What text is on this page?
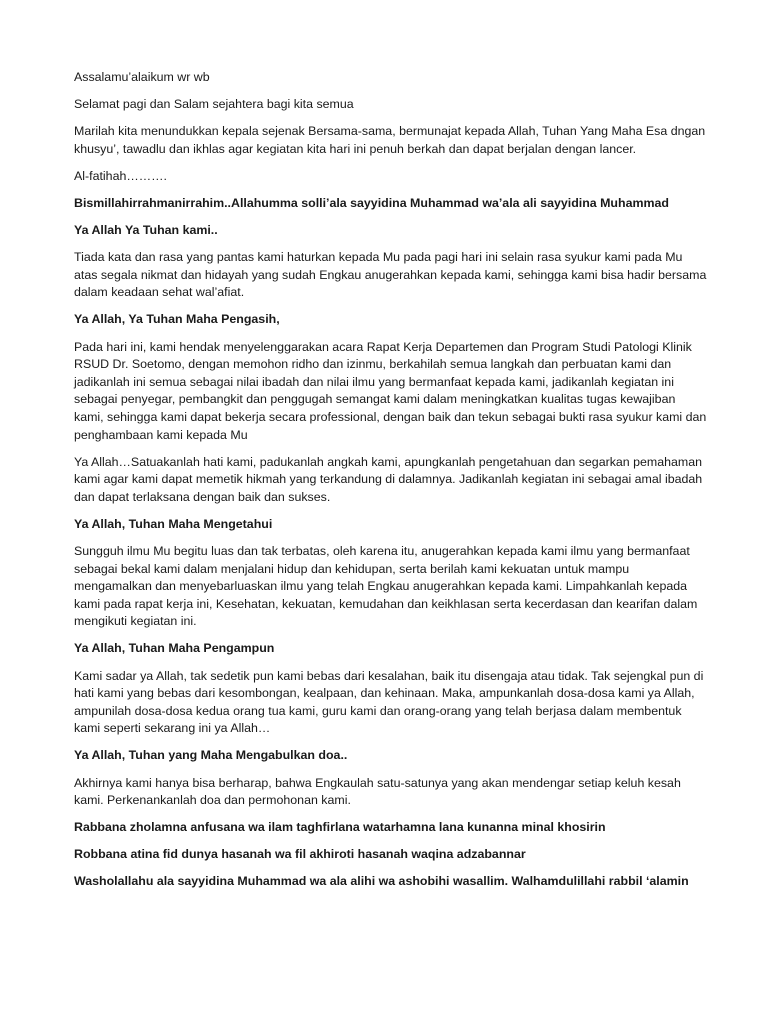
Assalamu’alaikum wr wb

Selamat pagi dan Salam sejahtera bagi kita semua

Marilah kita menundukkan kepala sejenak Bersama-sama, bermunajat kepada Allah, Tuhan Yang Maha Esa dngan khusyu’, tawadlu dan ikhlas agar kegiatan kita hari ini penuh berkah dan dapat berjalan dengan lancer.

Al-fatihah……….

Bismillahirrahmanirrahim..Allahumma solli’ala sayyidina Muhammad wa’ala ali sayyidina Muhammad

Ya Allah Ya Tuhan kami..

Tiada kata dan rasa yang pantas kami haturkan kepada Mu pada pagi hari ini selain rasa syukur kami pada Mu atas segala nikmat dan hidayah yang sudah Engkau anugerahkan kepada kami, sehingga kami bisa hadir bersama dalam keadaan sehat wal’afiat.

Ya Allah, Ya Tuhan Maha Pengasih,

Pada hari ini, kami hendak menyelenggarakan acara Rapat Kerja Departemen dan Program Studi Patologi Klinik RSUD Dr. Soetomo, dengan memohon ridho dan izinmu, berkahilah semua langkah dan perbuatan kami dan jadikanlah ini semua sebagai nilai ibadah dan nilai ilmu yang bermanfaat kepada kami, jadikanlah kegiatan ini sebagai penyegar, pembangkit dan penggugah semangat kami dalam meningkatkan kualitas tugas kewajiban kami, sehingga kami dapat bekerja secara professional, dengan baik dan tekun sebagai bukti rasa syukur kami dan penghambaan kami kepada Mu

Ya Allah…Satuakanlah hati kami, padukanlah angkah kami, apungkanlah pengetahuan dan segarkan pemahaman kami agar kami dapat memetik hikmah yang terkandung di dalamnya. Jadikanlah kegiatan ini sebagai amal ibadah dan dapat terlaksana dengan baik dan sukses.

Ya Allah, Tuhan Maha Mengetahui

Sungguh ilmu Mu begitu luas dan tak terbatas, oleh karena itu, anugerahkan kepada kami ilmu yang bermanfaat sebagai bekal kami dalam menjalani hidup dan kehidupan, serta berilah kami kekuatan untuk mampu mengamalkan dan menyebarluaskan ilmu yang telah Engkau anugerahkan kepada kami. Limpahkanlah kepada kami pada rapat kerja ini, Kesehatan, kekuatan, kemudahan dan keikhlasan serta kecerdasan dan kearifan dalam mengikuti kegiatan ini.

Ya Allah, Tuhan Maha Pengampun

Kami sadar ya Allah, tak sedetik pun kami bebas dari kesalahan, baik itu disengaja atau tidak. Tak sejengkal pun di hati kami yang bebas dari kesombongan, kealpaan, dan kehinaan. Maka, ampunkanlah dosa-dosa kami ya Allah, ampunilah dosa-dosa kedua orang tua kami, guru kami dan orang-orang yang telah berjasa dalam membentuk kami seperti sekarang ini ya Allah…

Ya Allah, Tuhan yang Maha Mengabulkan doa..

Akhirnya kami hanya bisa berharap, bahwa Engkaulah satu-satunya yang akan mendengar setiap keluh kesah kami. Perkenankanlah doa dan permohonan kami.

Rabbana zholamna anfusana wa ilam taghfirlana watarhamna lana kunanna minal khosirin

Robbana atina fid dunya hasanah wa fil akhiroti hasanah waqina adzabannar

Washolallahu ala sayyidina Muhammad wa ala alihi wa ashobihi wasallim. Walhamdulillahi rabbil ‘alamin
